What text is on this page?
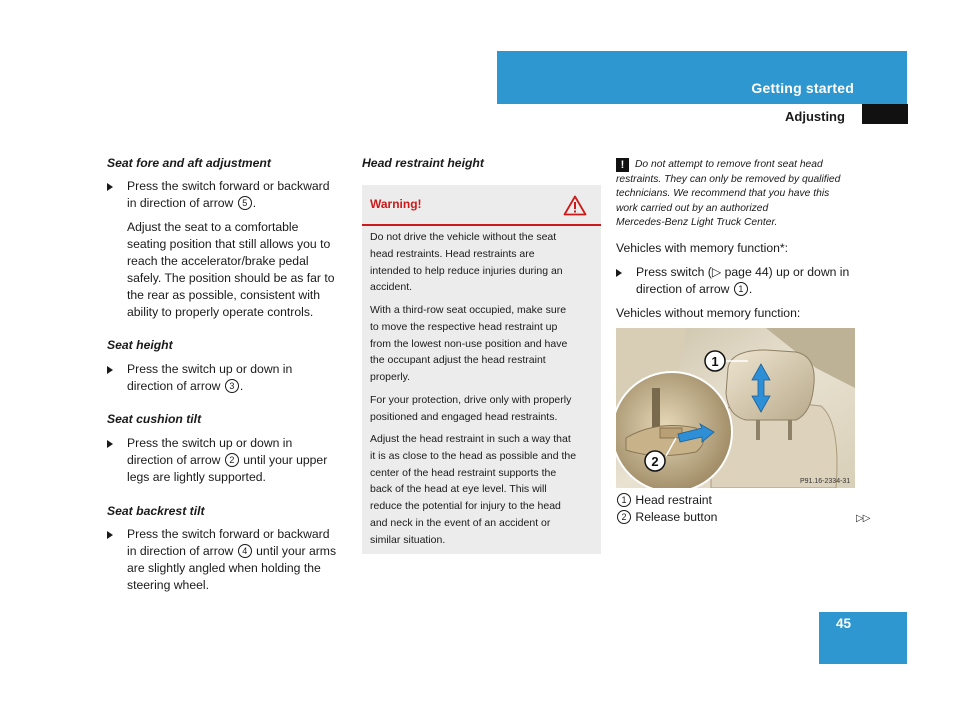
Getting started
Adjusting
Seat fore and aft adjustment
Press the switch forward or backward
in direction of arrow 5 .
Adjust the seat to a comfortable
seating position that still allows you to
reach the accelerator/brake pedal
safely. The position should be as far to
the rear as possible, consistent with
ability to properly operate controls.
Seat height
Press the switch up or down in
direction of arrow 3 .
Seat cushion tilt
Press the switch up or down in
direction of arrow 2 until your upper
legs are lightly supported.
Seat backrest tilt
Press the switch forward or backward
in direction of arrow 4 until your arms
are slightly angled when holding the
steering wheel.
Head restraint height
Warning!
Do not drive the vehicle without the seat
head restraints. Head restraints are
intended to help reduce injuries during an
accident.
With a third-row seat occupied, make sure
to move the respective head restraint up
from the lowest non-use position and have
the occupant adjust the head restraint
properly.
For your protection, drive only with properly
positioned and engaged head restraints.
Adjust the head restraint in such a way that
it is as close to the head as possible and the
center of the head restraint supports the
back of the head at eye level. This will
reduce the potential for injury to the head
and neck in the event of an accident or
similar situation.
! Do not attempt to remove front seat head
restraints. They can only be removed by qualified
technicians. We recommend that you have this
work carried out by an authorized
Mercedes-Benz Light Truck Center.
Vehicles with memory function*:
Press switch (▷ page 44) up or down in
direction of arrow 1 .
Vehicles without memory function:
1
2
P91.16-2334-31
1 Head restraint
2 Release button	▷▷
45
